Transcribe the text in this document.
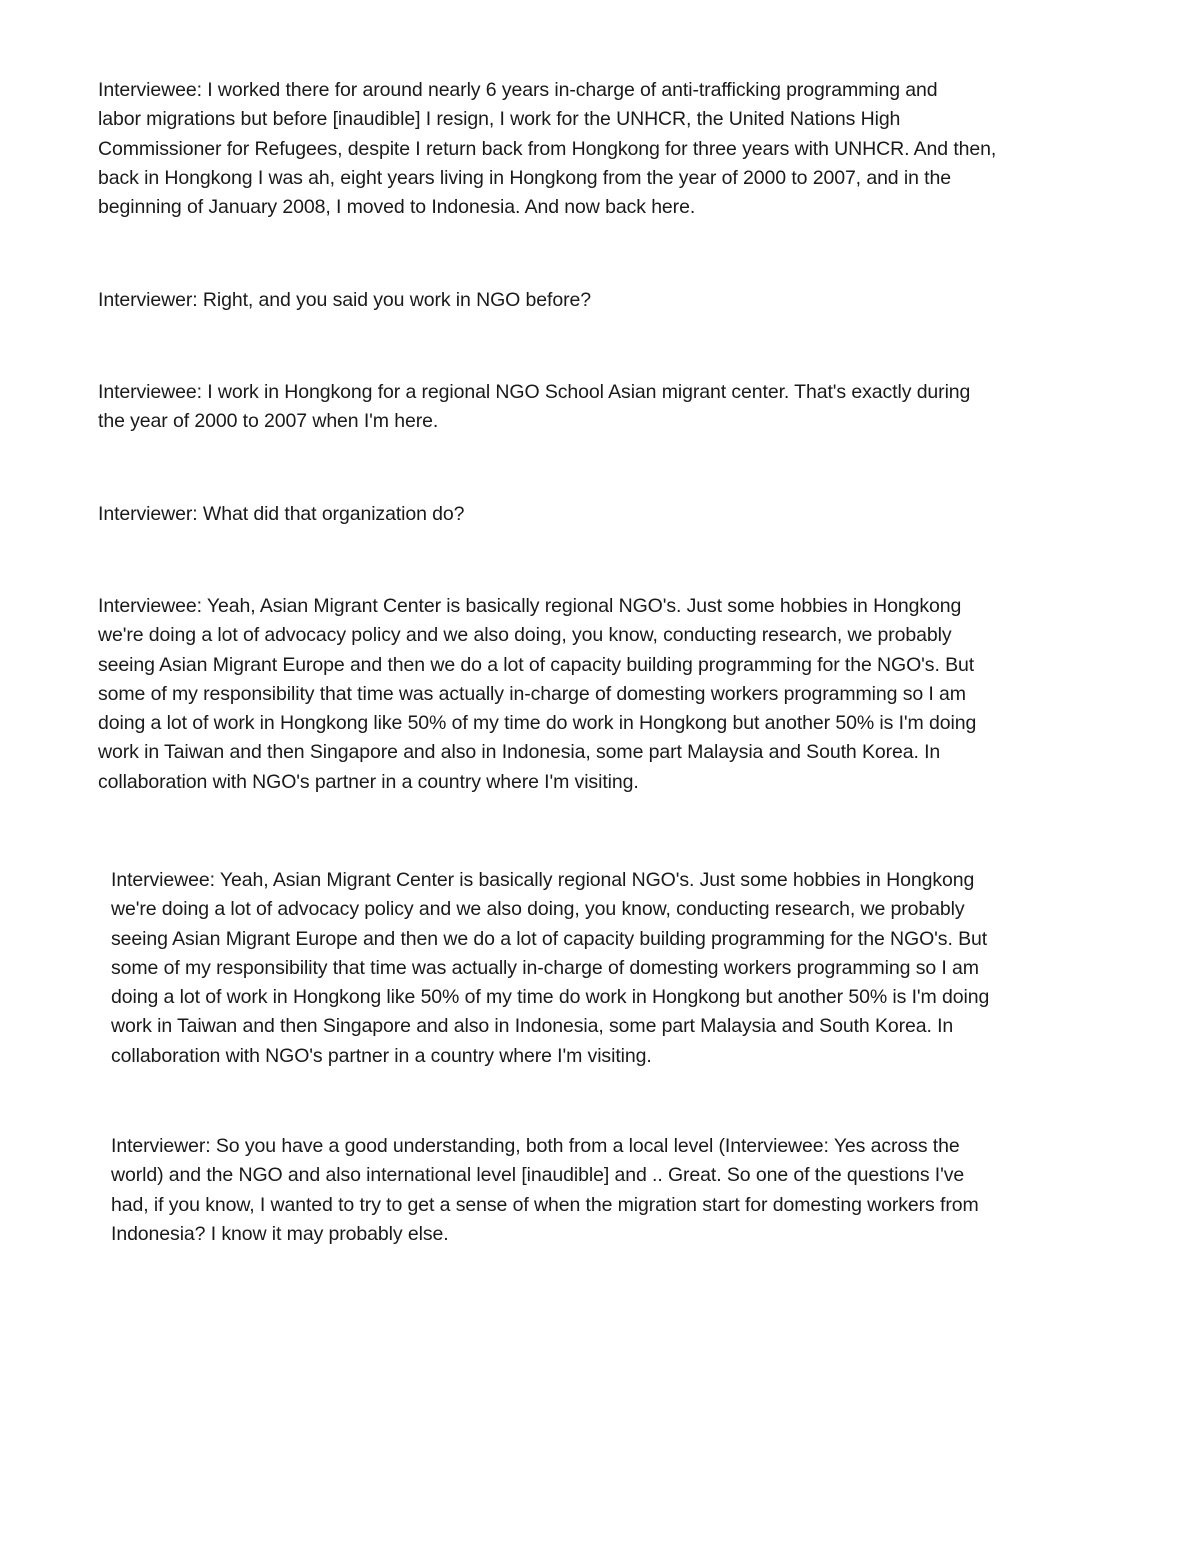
Interviewee: I worked there for around nearly 6 years in-charge of anti-trafficking programming and
labor migrations but before [inaudible] I resign, I work for the UNHCR, the United Nations High
Commissioner for Refugees, despite I return back from Hongkong for three years with UNHCR. And then,
back in Hongkong I was ah, eight years living in Hongkong from the year of 2000 to 2007, and in the
beginning of January 2008, I moved to Indonesia. And now back here.

Interviewer: Right, and you said you work in NGO before?

Interviewee: I work in Hongkong for a regional NGO School Asian migrant center. That's exactly during
the year of 2000 to 2007 when I'm here.

Interviewer: What did that organization do?

Interviewee: Yeah, Asian Migrant Center is basically regional NGO's. Just some hobbies in Hongkong
we're doing a lot of advocacy policy and we also doing, you know, conducting research, we probably
seeing Asian Migrant Europe and then we do a lot of capacity building programming for the NGO's. But
some of my responsibility that time was actually in-charge of domesting workers programming so I am
doing a lot of work in Hongkong like 50% of my time do work in Hongkong but another 50% is I'm doing
work in Taiwan and then Singapore and also in Indonesia, some part Malaysia and South Korea. In
collaboration with NGO's partner in a country where I'm visiting.

Interviewee: Yeah, Asian Migrant Center is basically regional NGO's. Just some hobbies in Hongkong
we're doing a lot of advocacy policy and we also doing, you know, conducting research, we probably
seeing Asian Migrant Europe and then we do a lot of capacity building programming for the NGO's. But
some of my responsibility that time was actually in-charge of domesting workers programming so I am
doing a lot of work in Hongkong like 50% of my time do work in Hongkong but another 50% is I'm doing
work in Taiwan and then Singapore and also in Indonesia, some part Malaysia and South Korea. In
collaboration with NGO's partner in a country where I'm visiting.

Interviewer: So you have a good understanding, both from a local level (Interviewee: Yes across the
world) and the NGO and also international level [inaudible] and .. Great. So one of the questions I've
had, if you know, I wanted to try to get a sense of when the migration start for domesting workers from
Indonesia? I know it may probably else.
